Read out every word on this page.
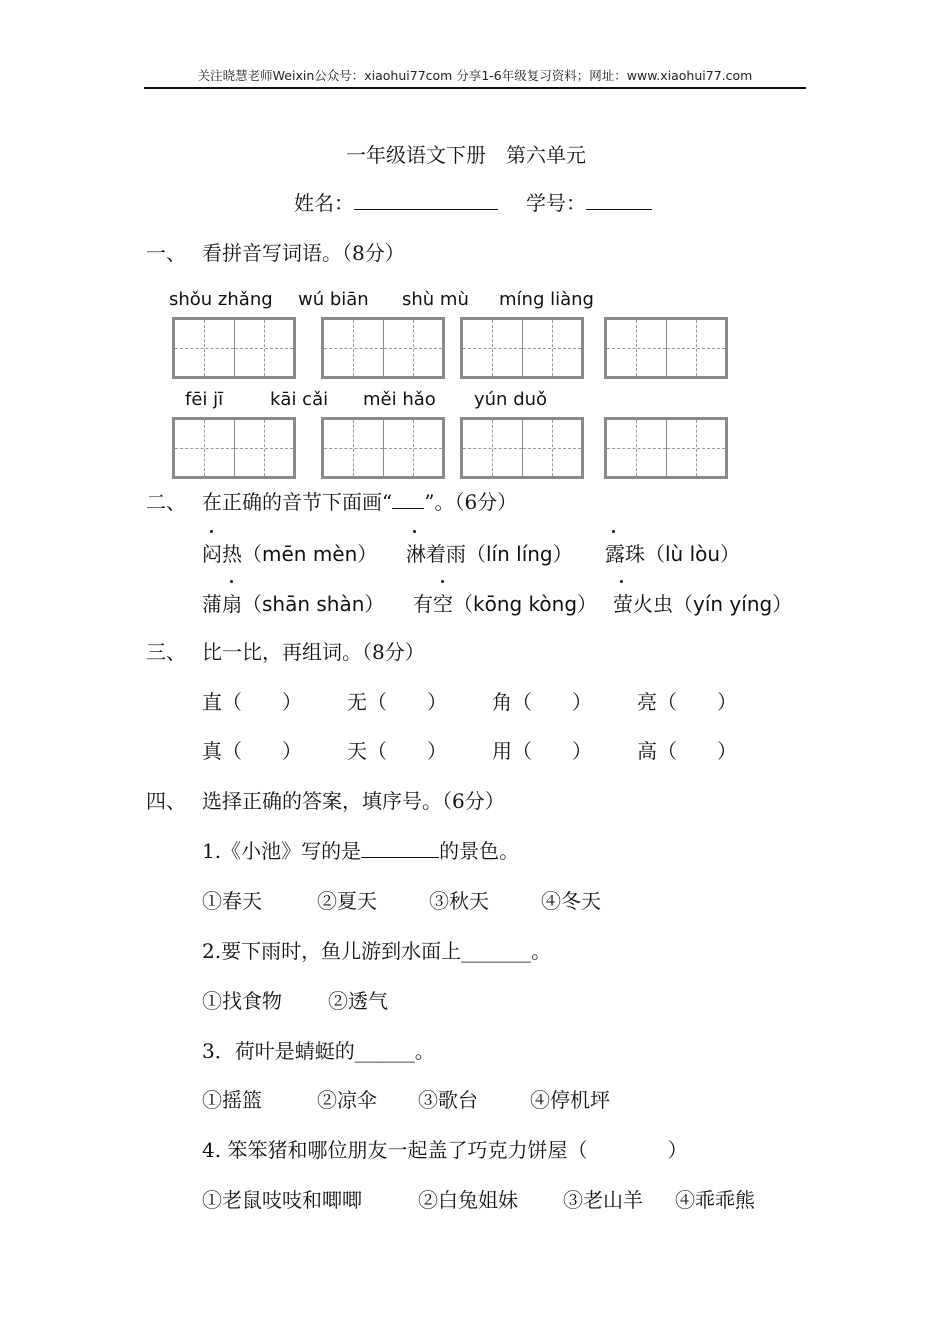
关注晓慧老师Weixin公众号：xiaohui77com 分享1-6年级复习资料；网址：www.xiaohui77.com
一年级语文下册　第六单元
姓名：	学号：
一、 看拼音写词语。（8分）
shǒu zhǎng wú biān shù mù míng liàng
fēi jī	kāi cǎi měi hǎo yún duǒ
二、 在正确的音节下面画“ ”。（6分）
闷热（mēn mèn） 淋着雨（lín líng） 露珠（lù lòu）
蒲扇（shān shàn） 有空（kōng kòng） 萤火虫（yín yíng）
三、 比一比，再组词。（8分）
直（　　） 无（　　） 角（　　） 亮（　　）
真（　　） 天（　　） 用（　　） 高（　　）
四、 选择正确的答案，填序号。（6分）
1.《小池》写的是	的景色。
①春天	②夏天	③秋天	④冬天
2.要下雨时，鱼儿游到水面上_______。
①找食物 ②透气
3．荷叶是蜻蜓的______。
①摇篮	②凉伞 ③歌台	④停机坪
4. 笨笨猪和哪位朋友一起盖了巧克力饼屋（　　　　）
①老鼠吱吱和唧唧	②白兔姐妹 ③老山羊 ④乖乖熊
